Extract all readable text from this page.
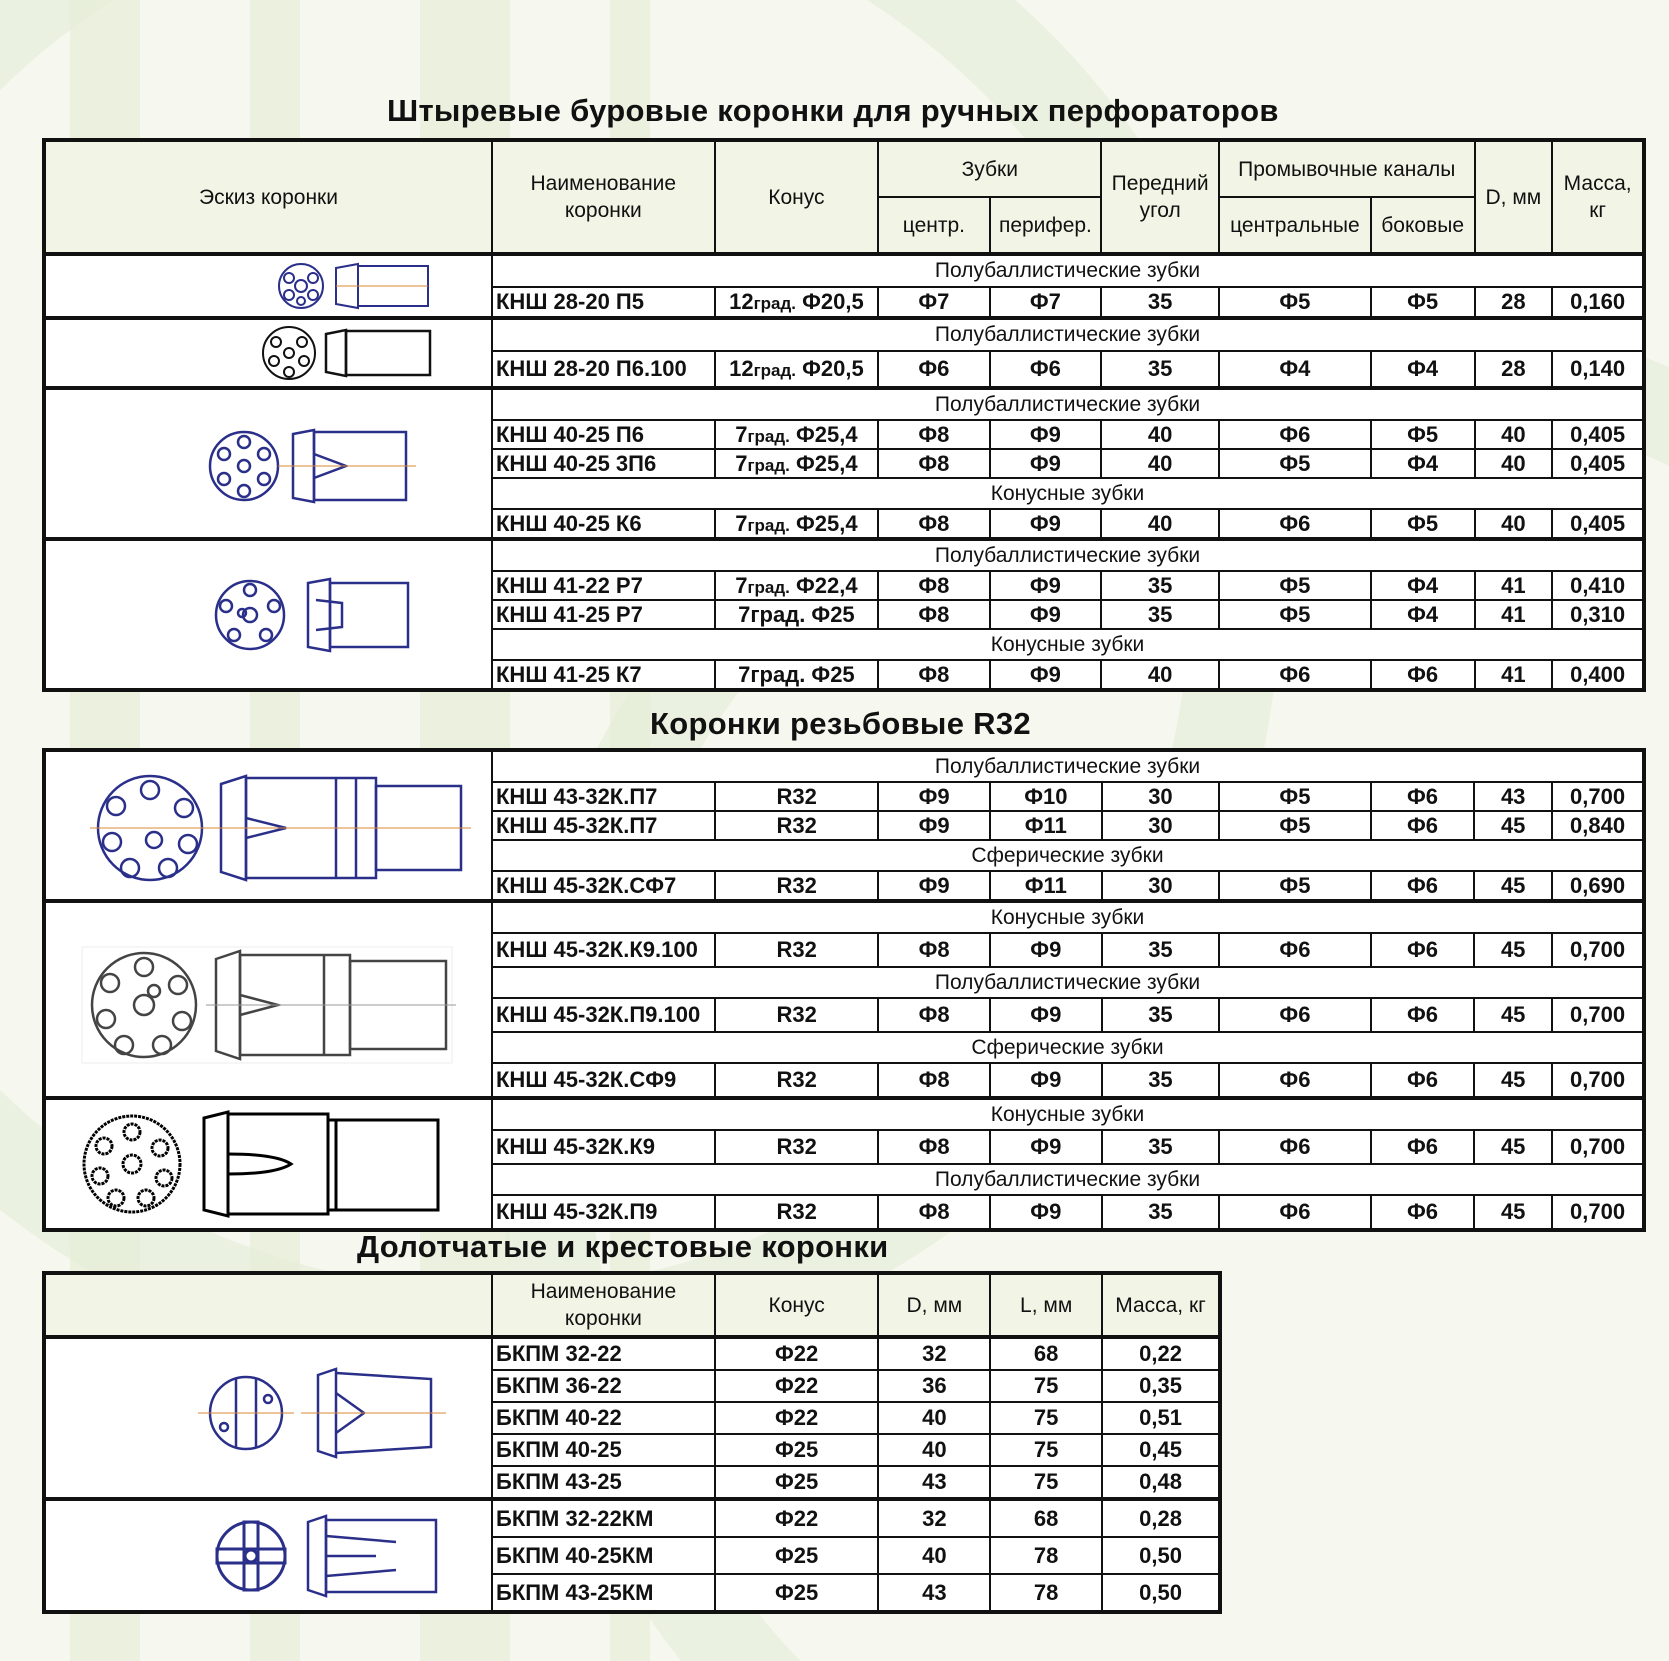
Штыревые буровые коронки для ручных перфораторов
Эскиз коронки	Наименование коронки	Конус	Зубки		Передний угол	Промывочные каналы		D, мм	Масса, кг
			центр.	перифер.		центральные	боковые		

	Полубаллистические зубки								
	КНШ 28-20 П5	12град. Ф20,5	Ф7	Ф7	35	Ф5	Ф5	28	0,160

	Полубаллистические зубки								
	КНШ 28-20 П6.100	12град. Ф20,5	Ф6	Ф6	35	Ф4	Ф4	28	0,140

	Полубаллистические зубки								
	КНШ 40-25 П6	7град. Ф25,4	Ф8	Ф9	40	Ф6	Ф5	40	0,405
	КНШ 40-25 3П6	7град. Ф25,4	Ф8	Ф9	40	Ф5	Ф4	40	0,405
	Конусные зубки								
	КНШ 40-25 К6	7град. Ф25,4	Ф8	Ф9	40	Ф6	Ф5	40	0,405

	Полубаллистические зубки								
	КНШ 41-22 Р7	7град. Ф22,4	Ф8	Ф9	35	Ф5	Ф4	41	0,410
	КНШ 41-25 Р7	7град. Ф25	Ф8	Ф9	35	Ф5	Ф4	41	0,310
	Конусные зубки								
	КНШ 41-25 К7	7град. Ф25	Ф8	Ф9	40	Ф6	Ф6	41	0,400
Коронки резьбовые R32
	Полубаллистические зубки								
	КНШ 43-32К.П7	R32	Ф9	Ф10	30	Ф5	Ф6	43	0,700
	КНШ 45-32К.П7	R32	Ф9	Ф11	30	Ф5	Ф6	45	0,840
	Сферические зубки								
	КНШ 45-32К.СФ7	R32	Ф9	Ф11	30	Ф5	Ф6	45	0,690

	Конусные зубки								
	КНШ 45-32К.К9.100	R32	Ф8	Ф9	35	Ф6	Ф6	45	0,700
	Полубаллистические зубки								
	КНШ 45-32К.П9.100	R32	Ф8	Ф9	35	Ф6	Ф6	45	0,700
	Сферические зубки								
	КНШ 45-32К.СФ9	R32	Ф8	Ф9	35	Ф6	Ф6	45	0,700

	Конусные зубки								
	КНШ 45-32К.К9	R32	Ф8	Ф9	35	Ф6	Ф6	45	0,700
	Полубаллистические зубки								
	КНШ 45-32К.П9	R32	Ф8	Ф9	35	Ф6	Ф6	45	0,700
Долотчатые и крестовые коронки
	Наименование коронки	Конус	D, мм	L, мм	Масса, кг

	БКПМ 32-22	Ф22	32	68	0,22
	БКПМ 36-22	Ф22	36	75	0,35
	БКПМ 40-22	Ф22	40	75	0,51
	БКПМ 40-25	Ф25	40	75	0,45
	БКПМ 43-25	Ф25	43	75	0,48

	БКПМ 32-22КМ	Ф22	32	68	0,28
	БКПМ 40-25КМ	Ф25	40	78	0,50
	БКПМ 43-25КМ	Ф25	43	78	0,50
